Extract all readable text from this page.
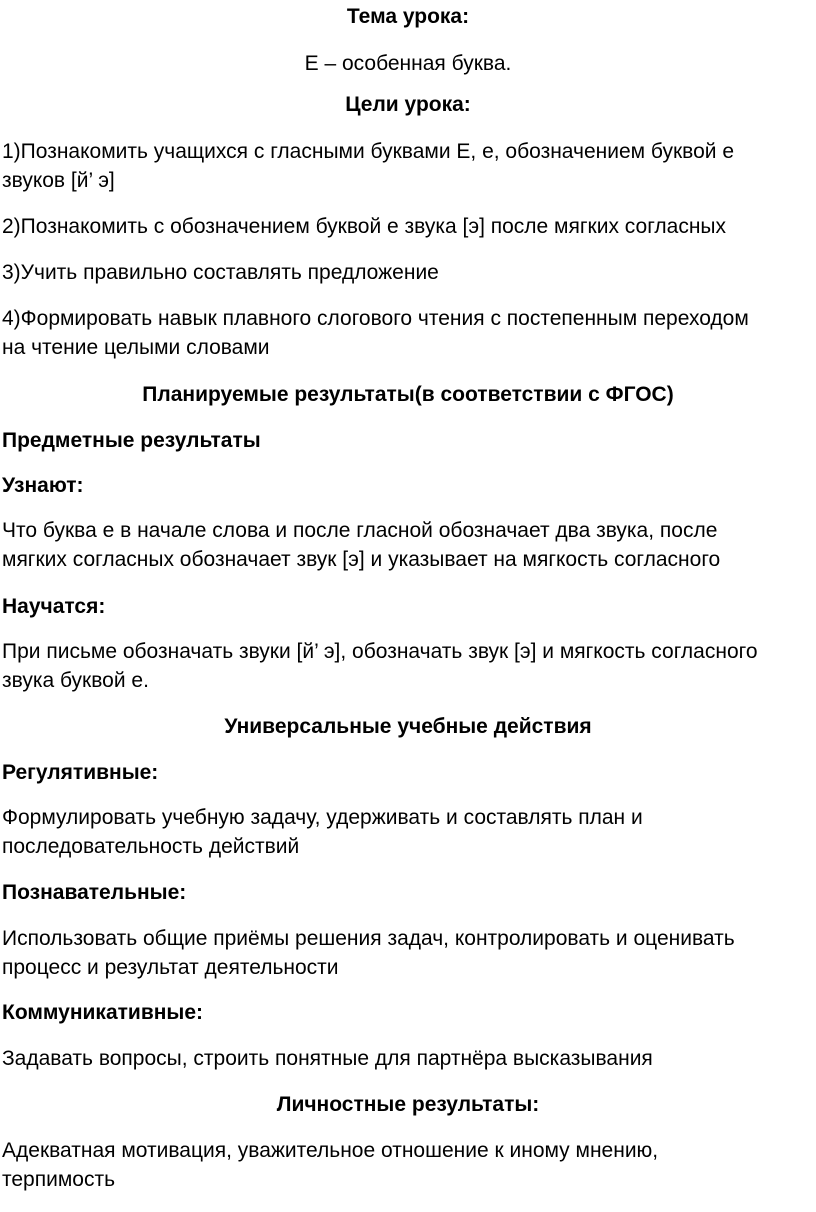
Тема урока:

Е – особенная буква.

Цели урока:

1)Познакомить учащихся с гласными буквами Е, е, обозначением буквой е

звуков [й’ э]

2)Познакомить с обозначением буквой е звука [э] после мягких согласных

3)Учить правильно составлять предложение

4)Формировать навык плавного слогового чтения с постепенным переходом

на чтение целыми словами

Планируемые результаты(в соответствии с ФГОС)

Предметные результаты

Узнают:

Что буква е в начале слова и после гласной обозначает два звука, после

мягких согласных обозначает звук [э] и указывает на мягкость согласного

Научатся:

При письме обозначать звуки [й’ э], обозначать звук [э] и мягкость согласного

звука буквой е.

Универсальные учебные действия

Регулятивные:

Формулировать учебную задачу, удерживать и составлять план и

последовательность действий

Познавательные:

Использовать общие приёмы решения задач, контролировать и оценивать

процесс и результат деятельности

Коммуникативные:

Задавать вопросы, строить понятные для партнёра высказывания

Личностные результаты:

Адекватная мотивация, уважительное отношение к иному мнению,

терпимость
